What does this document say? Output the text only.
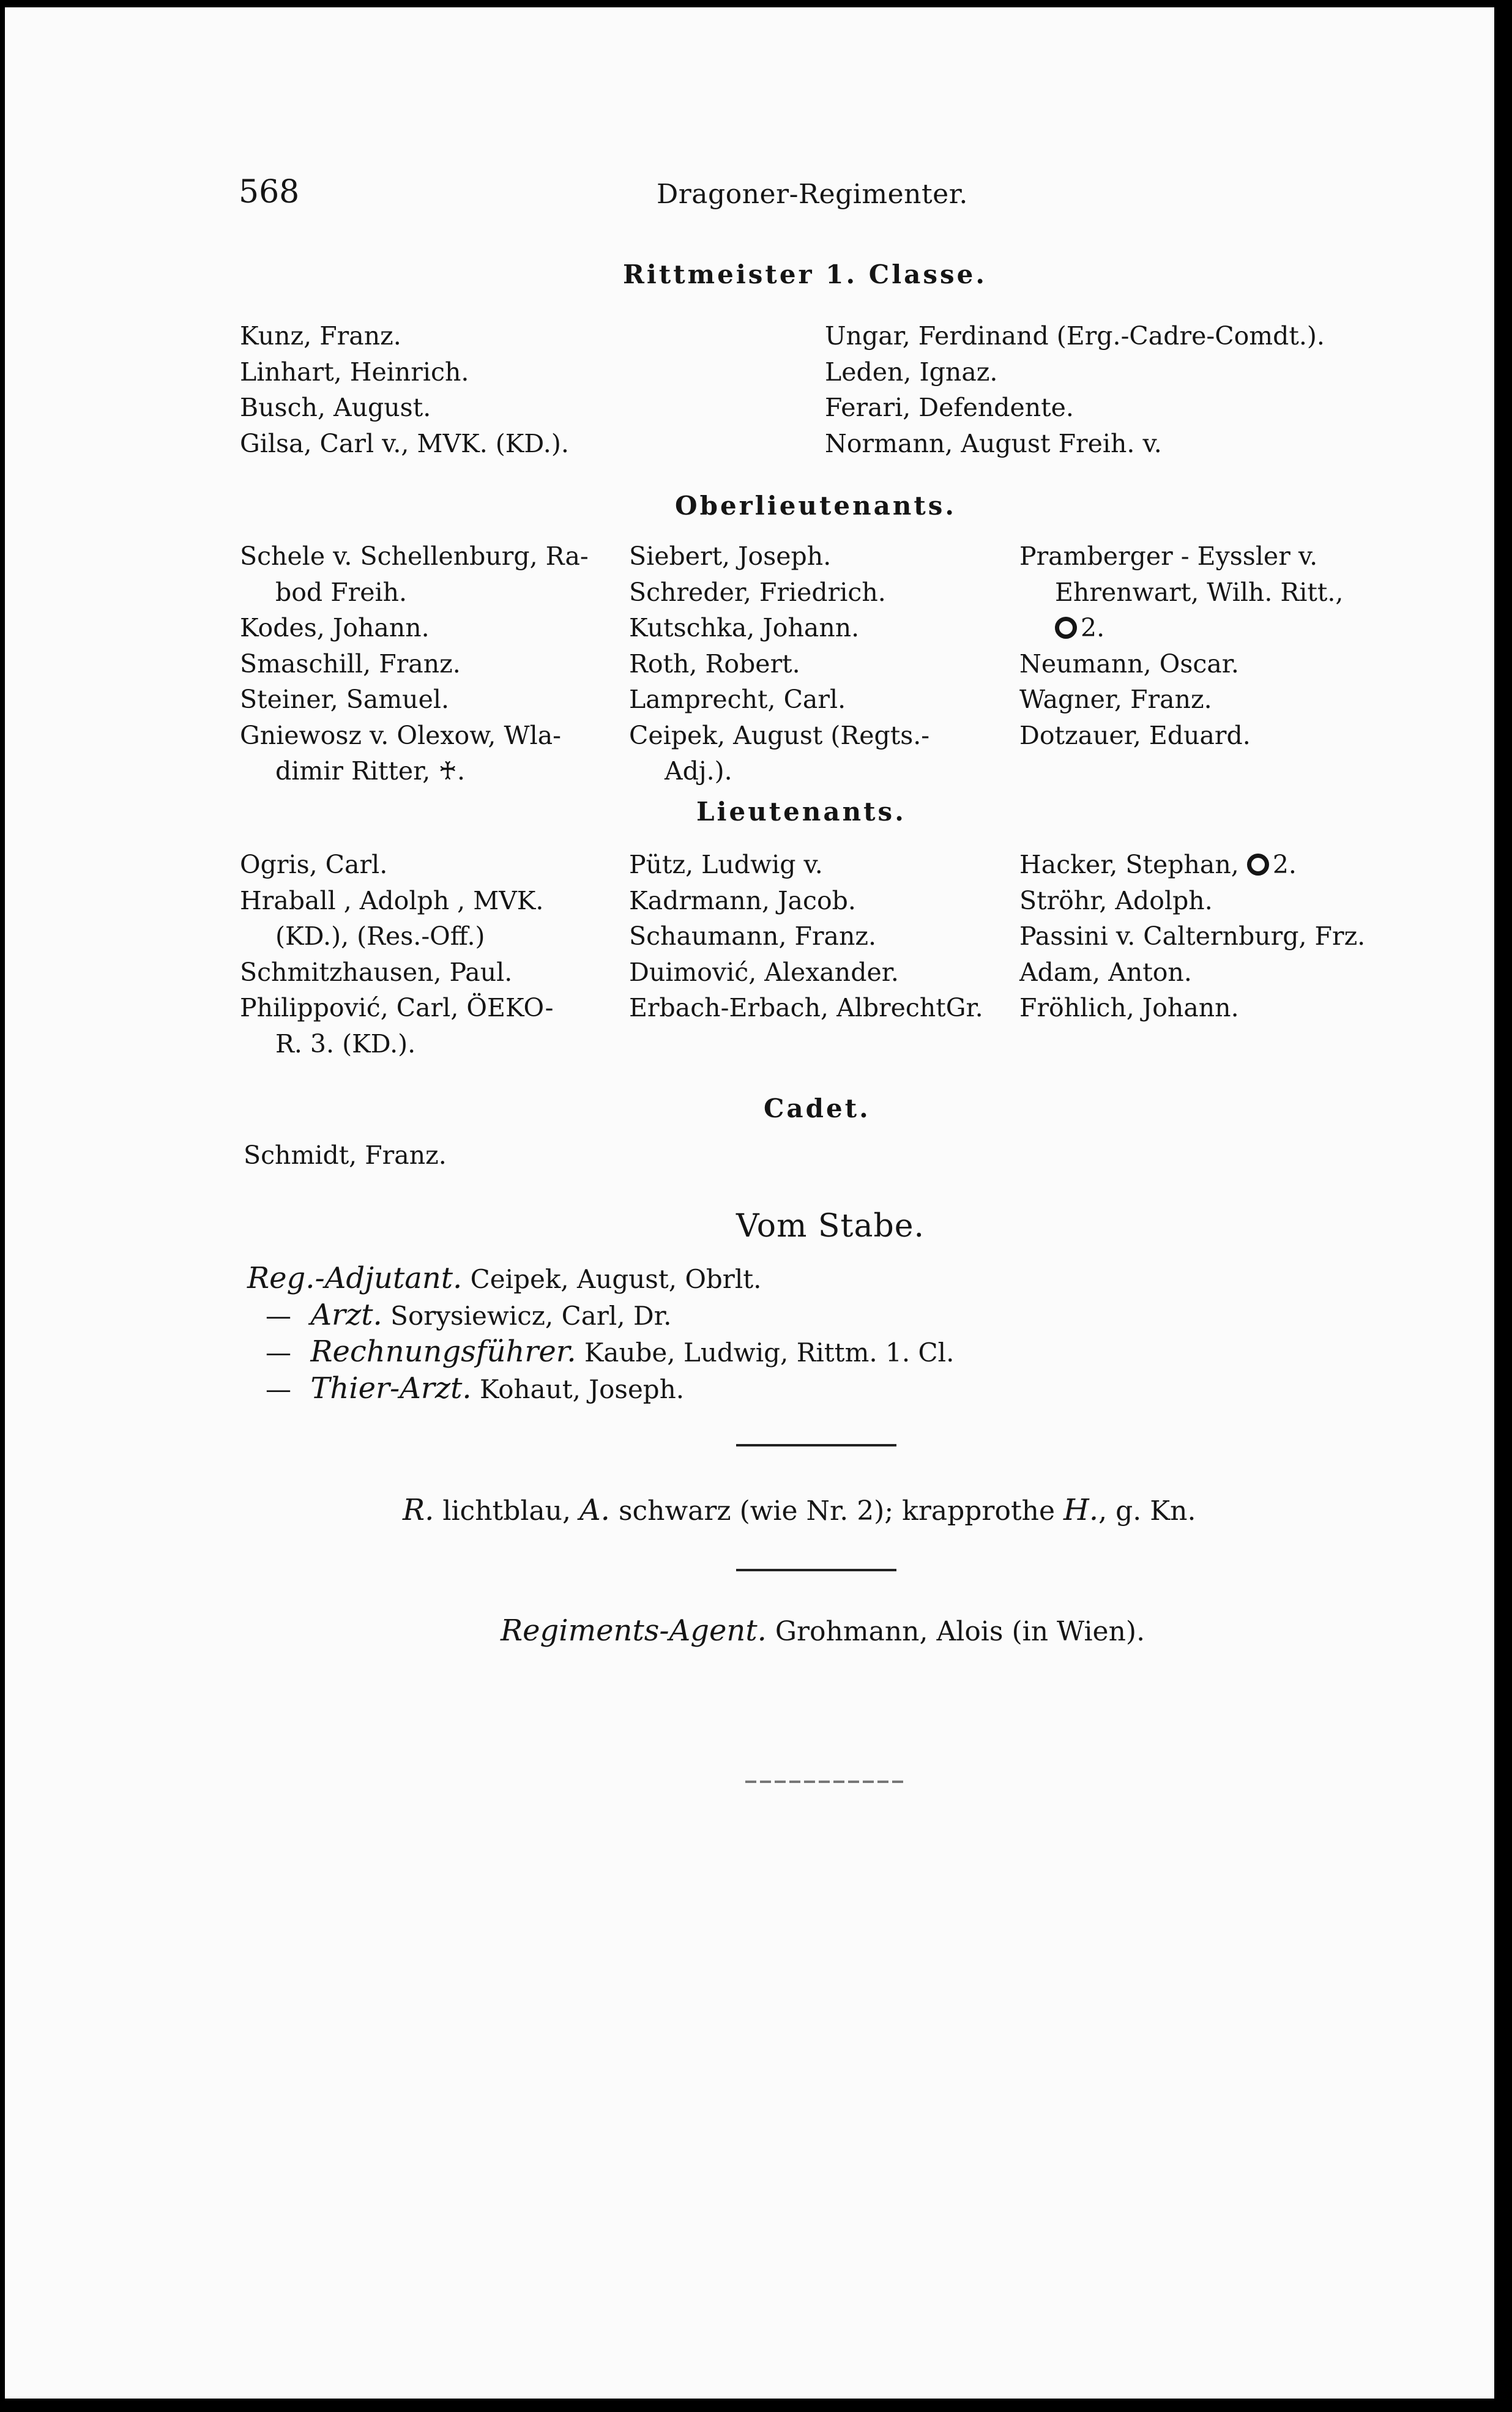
568	Dragoner-Regimenter.
Rittmeister 1. Classe.
Kunz, Franz.
Linhart, Heinrich.
Busch, August.
Gilsa, Carl v., MVK. (KD.).
Ungar, Ferdinand (Erg.-Cadre-Comdt.).
Leden, Ignaz.
Ferari, Defendente.
Normann, August Freih. v.
Oberlieutenants.
Schele v. Schellenburg, Ra-
bod Freih.
Kodes, Johann.
Smaschill, Franz.
Steiner, Samuel.
Gniewosz v. Olexow, Wla-
dimir Ritter, ♰.
Siebert, Joseph.
Schreder, Friedrich.
Kutschka, Johann.
Roth, Robert.
Lamprecht, Carl.
Ceipek, August (Regts.-
Adj.).
Pramberger - Eyssler v.
Ehrenwart, Wilh. Ritt.,
2.
Neumann, Oscar.
Wagner, Franz.
Dotzauer, Eduard.
Lieutenants.
Ogris, Carl.
Hraball , Adolph , MVK.
(KD.), (Res.-Off.)
Schmitzhausen, Paul.
Philippović, Carl, ÖEKO-
R. 3. (KD.).
Pütz, Ludwig v.
Kadrmann, Jacob.
Schaumann, Franz.
Duimović, Alexander.
Erbach-Erbach, AlbrechtGr.
Hacker, Stephan, 2.
Ströhr, Adolph.
Passini v. Calternburg, Frz.
Adam, Anton.
Fröhlich, Johann.
Cadet.
Schmidt, Franz.
Vom Stabe.
Reg.-Adjutant. Ceipek, August, Obrlt.
— Arzt. Sorysiewicz, Carl, Dr.
— Rechnungsführer. Kaube, Ludwig, Rittm. 1. Cl.
— Thier-Arzt. Kohaut, Joseph.
R. lichtblau, A. schwarz (wie Nr. 2); krapprothe H., g. Kn.
Regiments-Agent. Grohmann, Alois (in Wien).
